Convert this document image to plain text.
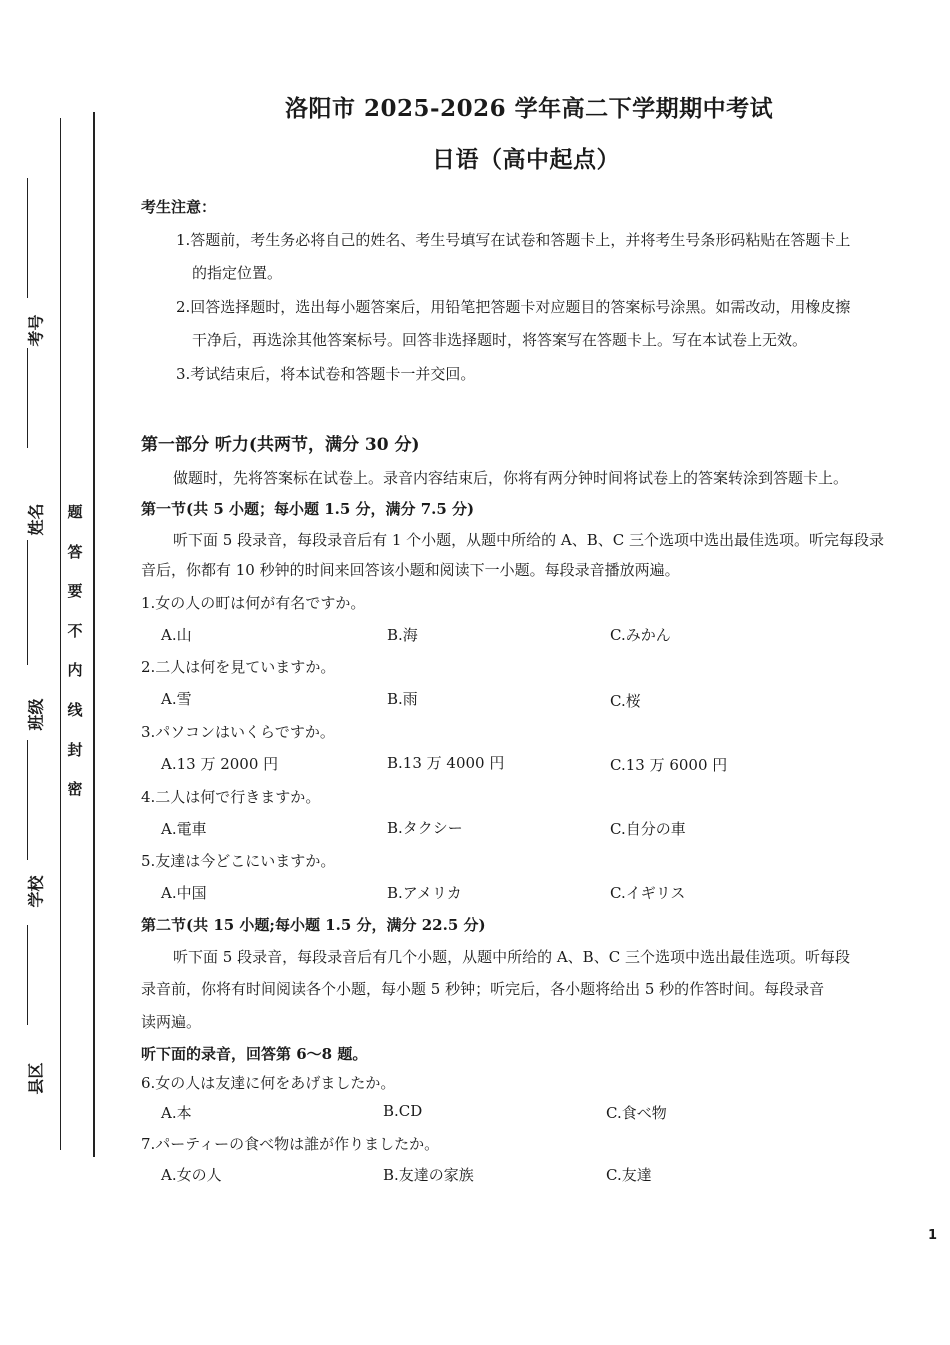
考号
姓名
班级
学校
县区
题
答
要
不
内
线
封
密
洛阳市 2025-2026 学年高二下学期期中考试
日语（高中起点）
考生注意：
1.答题前，考生务必将自己的姓名、考生号填写在试卷和答题卡上，并将考生号条形码粘贴在答题卡上
的指定位置。
2.回答选择题时，选出每小题答案后，用铅笔把答题卡对应题目的答案标号涂黑。如需改动，用橡皮擦
干净后，再选涂其他答案标号。回答非选择题时，将答案写在答题卡上。写在本试卷上无效。
3.考试结束后，将本试卷和答题卡一并交回。
第一部分 听力(共两节，满分 30 分)
做题时，先将答案标在试卷上。录音内容结束后，你将有两分钟时间将试卷上的答案转涂到答题卡上。
第一节(共 5 小题；每小题 1.5 分，满分 7.5 分)
听下面 5 段录音，每段录音后有 1 个小题，从题中所给的 A、B、C 三个选项中选出最佳选项。听完每段录
音后，你都有 10 秒钟的时间来回答该小题和阅读下一小题。每段录音播放两遍。
1.女の人の町は何が有名ですか。
A.山	B.海	C.みかん
2.二人は何を見ていますか。
A.雪	B.雨	C.桜
3.パソコンはいくらですか。
A.13 万 2000 円	B.13 万 4000 円	C.13 万 6000 円
4.二人は何で行きますか。
A.電車	B.タクシー	C.自分の車
5.友達は今どこにいますか。
A.中国	B.アメリカ	C.イギリス
第二节(共 15 小题;每小题 1.5 分，满分 22.5 分)
听下面 5 段录音，每段录音后有几个小题，从题中所给的 A、B、C 三个选项中选出最佳选项。听每段
录音前，你将有时间阅读各个小题，每小题 5 秒钟；听完后，各小题将给出 5 秒的作答时间。每段录音
读两遍。
听下面的录音，回答第 6～8 题。
6.女の人は友達に何をあげましたか。
A.本	B.CD	C.食べ物
7.パーティーの食べ物は誰が作りましたか。
A.女の人	B.友達の家族	C.友達
1
